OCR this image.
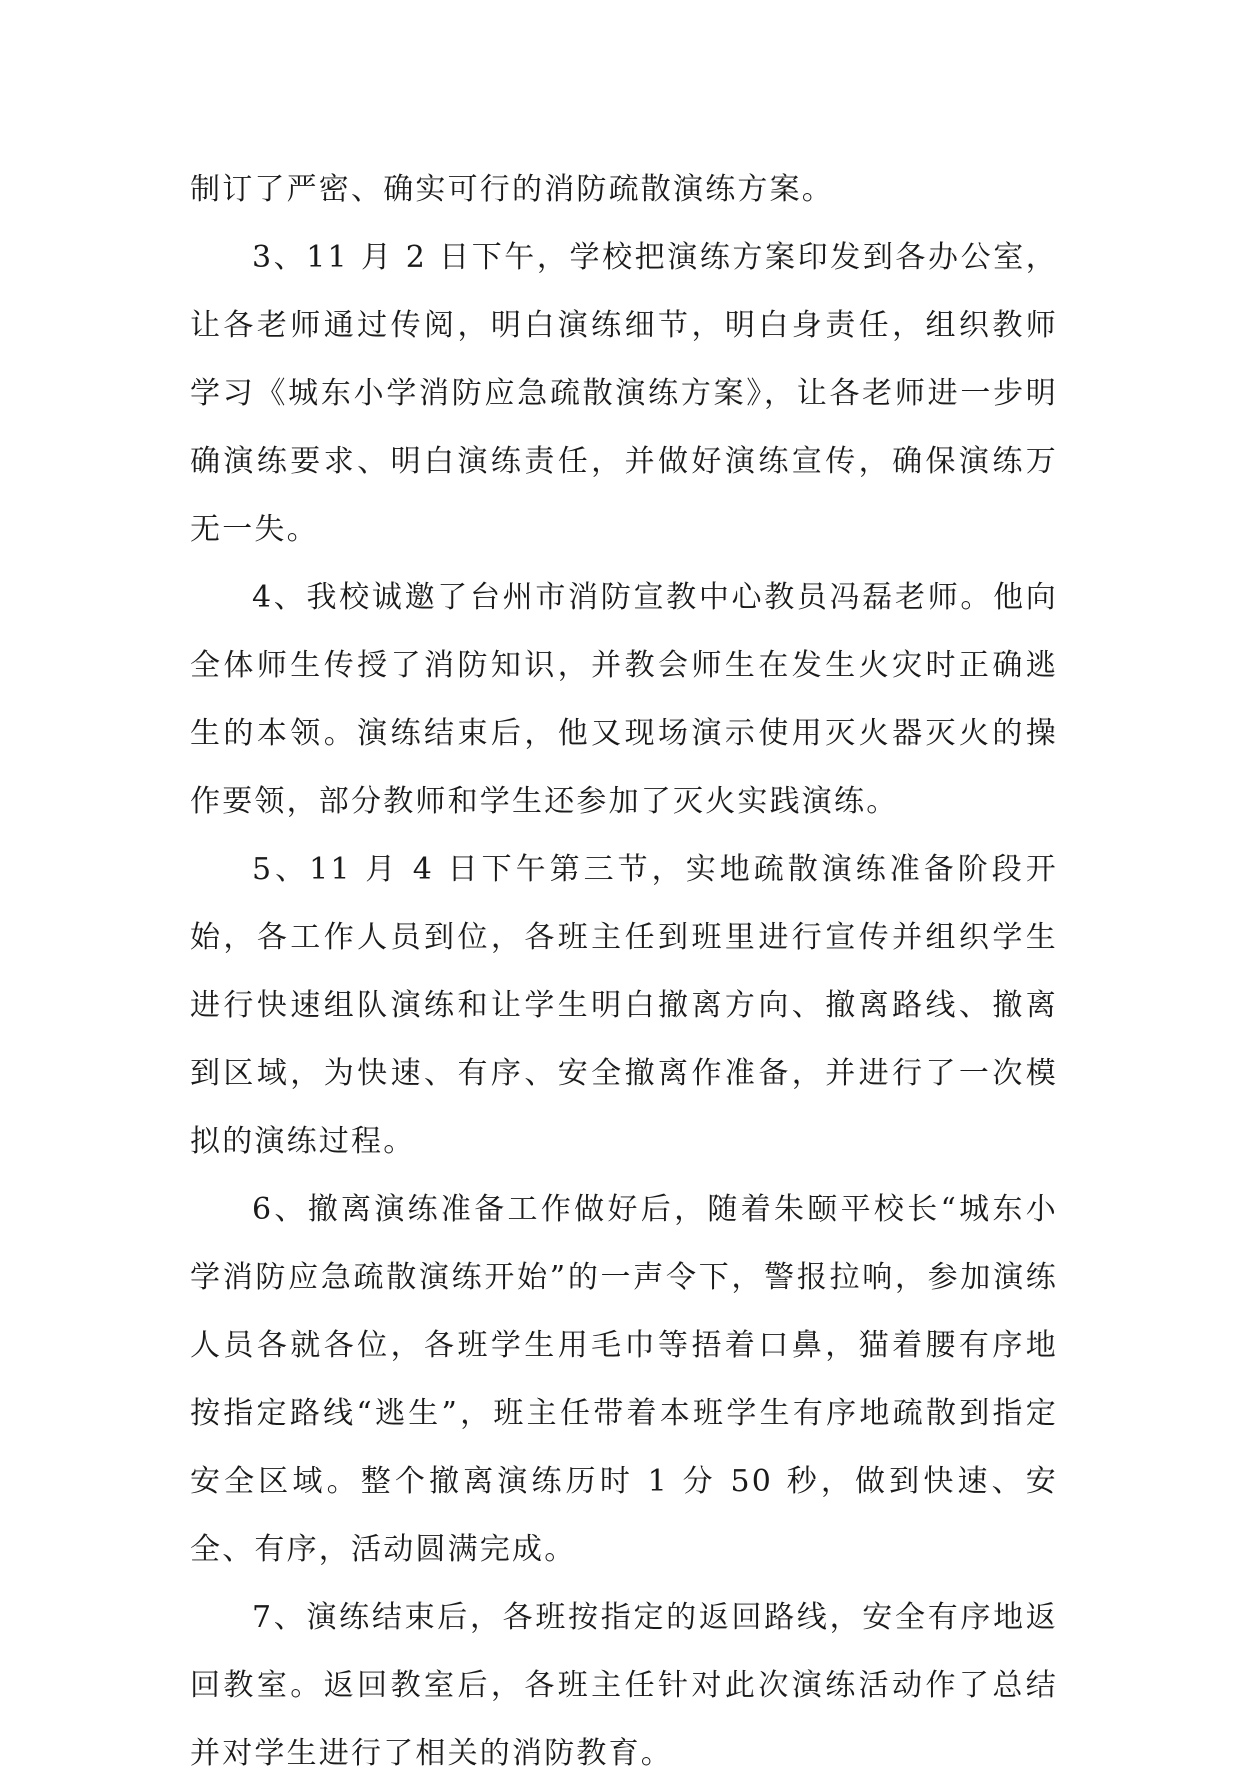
制订了严密、确实可行的消防疏散演练方案。

3、11 月 2 日下午，学校把演练方案印发到各办公室，让各老师通过传阅，明白演练细节，明白身责任，组织教师学习《城东小学消防应急疏散演练方案》，让各老师进一步明确演练要求、明白演练责任，并做好演练宣传，确保演练万无一失。

4、我校诚邀了台州市消防宣教中心教员冯磊老师。他向全体师生传授了消防知识，并教会师生在发生火灾时正确逃生的本领。演练结束后，他又现场演示使用灭火器灭火的操作要领，部分教师和学生还参加了灭火实践演练。

5、11 月 4 日下午第三节，实地疏散演练准备阶段开始，各工作人员到位，各班主任到班里进行宣传并组织学生进行快速组队演练和让学生明白撤离方向、撤离路线、撤离到区域，为快速、有序、安全撤离作准备，并进行了一次模拟的演练过程。

6、撤离演练准备工作做好后，随着朱颐平校长“城东小学消防应急疏散演练开始”的一声令下，警报拉响，参加演练人员各就各位，各班学生用毛巾等捂着口鼻，猫着腰有序地按指定路线“逃生”，班主任带着本班学生有序地疏散到指定安全区域。整个撤离演练历时 1 分 50 秒，做到快速、安全、有序，活动圆满完成。

7、演练结束后，各班按指定的返回路线，安全有序地返回教室。返回教室后，各班主任针对此次演练活动作了总结并对学生进行了相关的消防教育。
